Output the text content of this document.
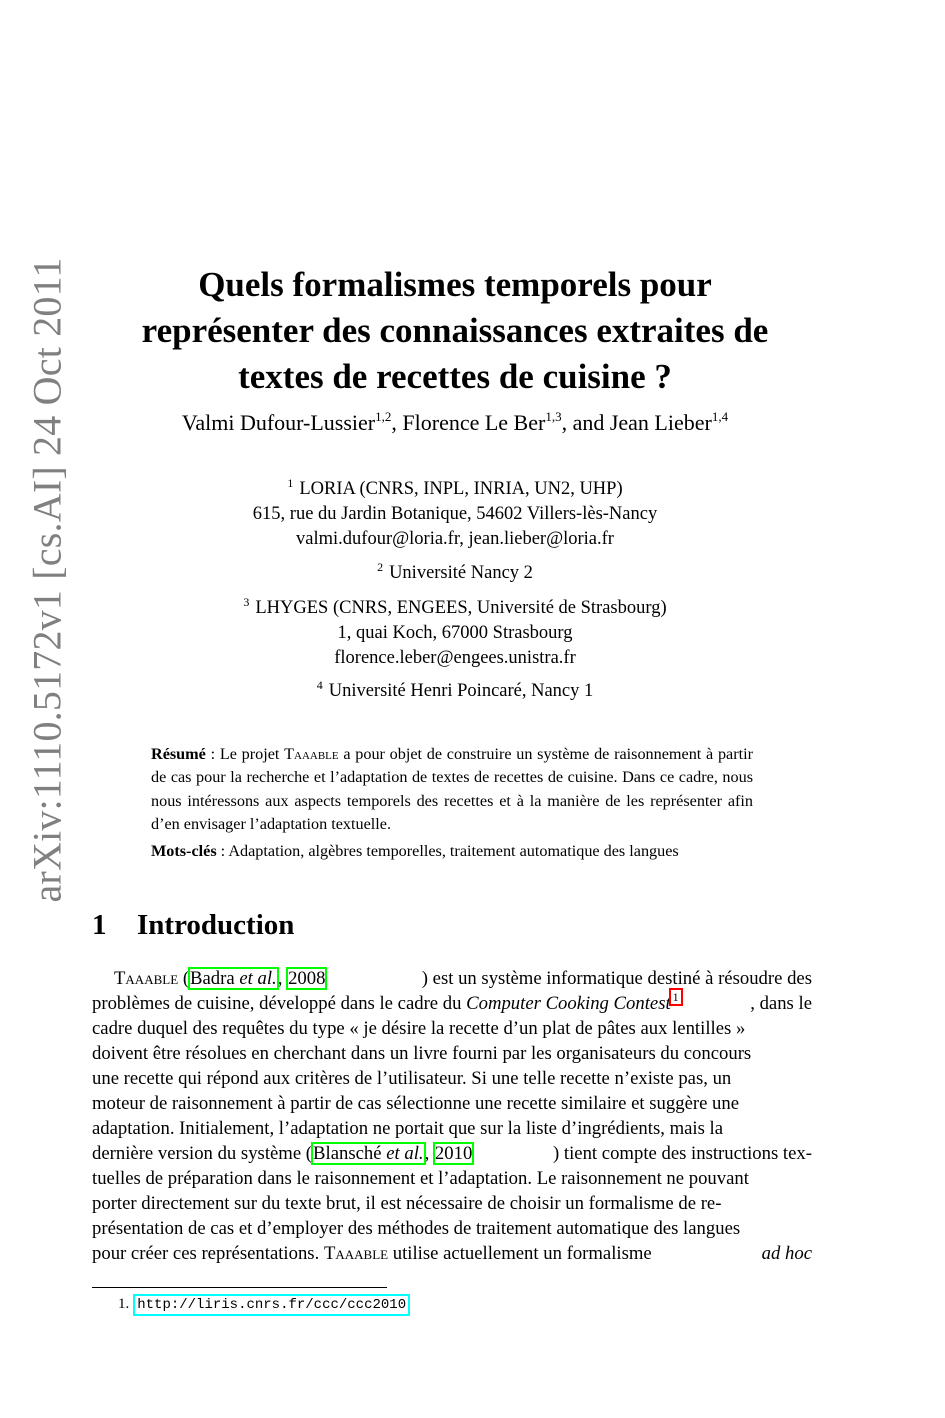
arXiv:1110.5172v1 [cs.AI] 24 Oct 2011	Quels formalismes temporels pour
représenter des connaissances extraites de
textes de recettes de cuisine ?
Valmi Dufour-Lussier$^{1,2}$, Florence Le Ber$^{1,3}$, and Jean Lieber$^{1,4}$
$^1$ LORIA (CNRS, INPL, INRIA, UN2, UHP)
615, rue du Jardin Botanique, 54602 Villers-lès-Nancy
valmi.dufour@loria.fr, jean.lieber@loria.fr
$^2$ Université Nancy 2
$^3$ LHYGES (CNRS, ENGEES, Université de Strasbourg)
1, quai Koch, 67000 Strasbourg
florence.leber@engees.unistra.fr
$^4$ Université Henri Poincaré, Nancy 1
Résumé : Le projet Taaable a pour objet de construire un système de raisonnement à partir de cas pour la recherche et l’adaptation de textes de recettes de cuisine. Dans ce cadre, nous nous intéressons aux aspects temporels des recettes et à la manière de les représenter afin d’en envisager l’adaptation textuelle.
Mots-clés : Adaptation, algèbres temporelles, traitement automatique des langues
1 Introduction
Taaable (Badra et al., 2008	) est un système informatique destiné à résoudre des
problèmes de cuisine, développé dans le cadre du Computer Cooking Contest $^1$	, dans le
cadre duquel des requêtes du type « je désire la recette d’un plat de pâtes aux lentilles »
doivent être résolues en cherchant dans un livre fourni par les organisateurs du concours
une recette qui répond aux critères de l’utilisateur. Si une telle recette n’existe pas, un
moteur de raisonnement à partir de cas sélectionne une recette similaire et suggère une
adaptation. Initialement, l’adaptation ne portait que sur la liste d’ingrédients, mais la
dernière version du système (Blansché et al., 2010	) tient compte des instructions tex-
tuelles de préparation dans le raisonnement et l’adaptation. Le raisonnement ne pouvant
porter directement sur du texte brut, il est nécessaire de choisir un formalisme de re-
présentation de cas et d’employer des méthodes de traitement automatique des langues
pour créer ces représentations. Taaable utilise actuellement un formalisme	ad hoc
1. http://liris.cnrs.fr/ccc/ccc2010
